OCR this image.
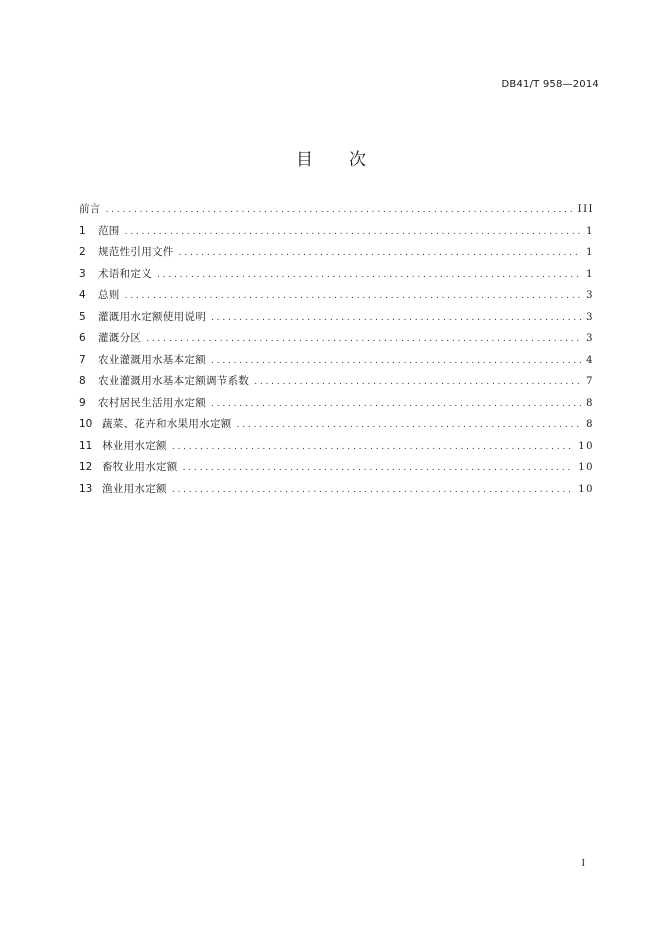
DB41/T 958—2014
目次
前言 .....	III
1	范围 .....	1
2	规范性引用文件 .....	1
3	术语和定义 .....	1
4	总则 .....	3
5	灌溉用水定额使用说明 .....	3
6	灌溉分区 .....	3
7	农业灌溉用水基本定额 .....	4
8	农业灌溉用水基本定额调节系数 .....	7
9	农村居民生活用水定额 .....	8
10 蔬菜、花卉和水果用水定额 .....	8
11 林业用水定额 .....	10
12 畜牧业用水定额 .....	10
13 渔业用水定额 .....	10
I
